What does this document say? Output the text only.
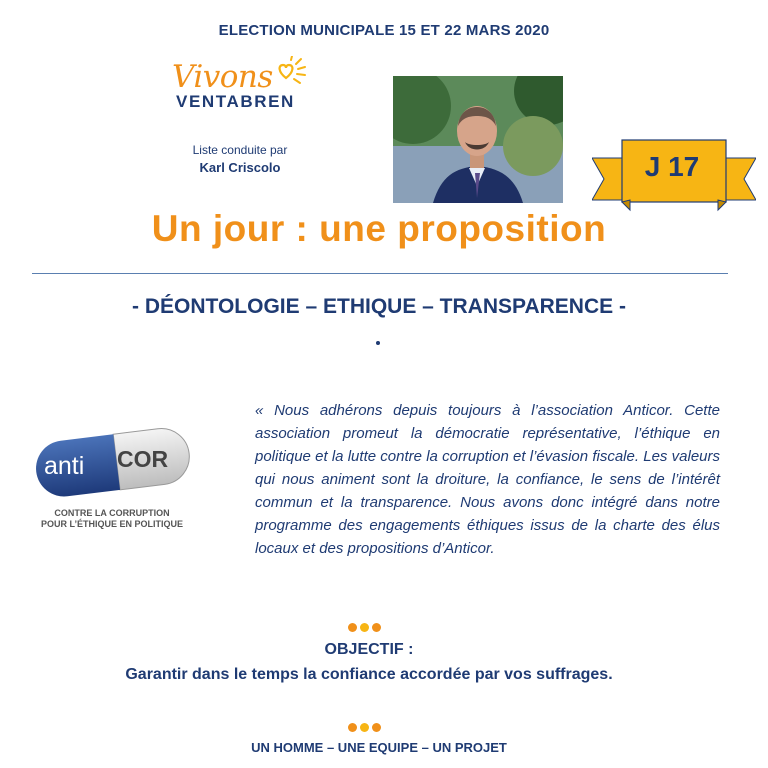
ELECTION MUNICIPALE 15 ET 22 MARS 2020
Vivons
VENTABREN
Liste conduite par
Karl Criscolo	J 17
Un jour : une proposition
- DÉONTOLOGIE – ETHIQUE – TRANSPARENCE -
anti COR
CONTRE LA CORRUPTION
POUR L’ÉTHIQUE EN POLITIQUE
« Nous adhérons depuis toujours à l’association Anticor. Cette association promeut la démocratie représentative, l’éthique en politique et la lutte contre la corruption et l’évasion fiscale. Les valeurs qui nous animent sont la droiture, la confiance, le sens de l’intérêt commun et la transparence. Nous avons donc intégré dans notre programme des engagements éthiques issus de la charte des élus locaux et des propositions d’Anticor.
OBJECTIF :
Garantir dans le temps la confiance accordée par vos suffrages.
UN HOMME – UNE EQUIPE – UN PROJET
